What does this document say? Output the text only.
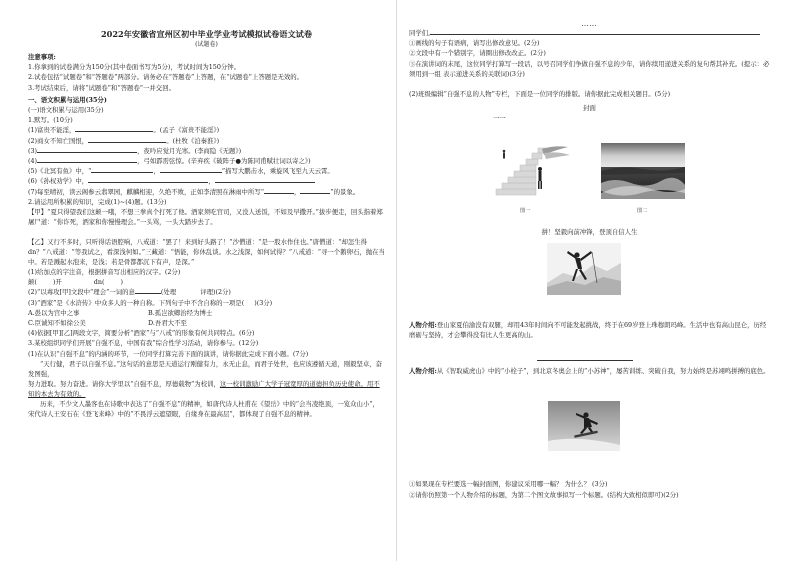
2022年安徽省宣州区初中毕业学业考试模拟试卷语文试卷
(试题卷)
注意事项:
1.你拿到的试卷满分为150分(其中卷面书写为5分)，考试时间为150分钟。
2.试卷包括“试题卷”和“答题卷”两部分。请务必在“答题卷”上答题，在“试题卷”上答题是无效的。
3.考试结束后，请将“试题卷”和“答题卷”一并交回。
一、语文积累与运用(35分)
(一)语文积累与运用(35分)
1.默写。(10分)
(1)富贵不能淫，	。(孟子《富贵不能淫》)
(2)商女不知亡国恨，	。(杜牧《泊秦淮》)
(3)	，夜吟应觉月光寒。(李商隐《无题》)
(4)	，弓如霹雳弦惊。(辛弃疾《破阵子●为陈同甫赋壮词以寄之》)
(5)《北冥有鱼》中，“	，	”描写大鹏击水，乘旋风飞至九天云霄。
(6)《孙权劝学》中，	，
(7)每至晴初，读云阁参云翡翠园，麒麟相迎，久绝不败，正如李清照在淋雨中所写“	，	”的景象。
2.请运用所积累的知识，完成(1)~(4)题。(13分)
【甲】“夏只得望我们这颠一哦，不想三拳真个打死了他。酒家须吃官司，又没人送饭，不如及早撒开。”拔步便走，回头指着郑屠尸道：“你诈死，洒家和你慢慢理会。”一头骂，一头大踏步去了。
【乙】又行不多时，只听得话语腔响，八戒道：“罢了！来到好头路了！”沙僧道：“是一股水作住也。”唐僧道：“却怎生得dn？”八戒道：“等我试之，看深浅何如。”三藏道：“悟能，你休乱谈。水之浅深，如何试得？”八戒道：“寻一个鹅卵石，抛在当中。若是溅起水泡来，是浅；若是骨都都沉下有声，是深。”
(1)给加点的字注音，根据拼音写出相应的汉字。(2分)
颠(	)开	dn(	)
(2)“以毒攻[甲]文段中“理会”一词的意	(处理	评理)(2分)
(3)“酒家”是《水浒传》中众多人的一种自称。下列句子中不含自称的一项是( )(3分)
A.愚以为宫中之事	B.孤岂欲卿治经为博士
C.臣诚知不如徐公美	D.吾君大不至
(4)依据[甲][乙]两段文字，简要分析“酒家”与“八戒”的形象有何共同特点。(6分)
3.某校组织同学们开展“自强不息，中国有我”综合性学习活动，请你参与。(12分)
(1)在认识“自强不息”的内涵的环节，一位同学打算完善下面的演讲，请你据此完成下面小题。(7分)
“天行健，君子以自强不息。”这句话的意思是天道运行刚健有力，永无止息，而君子处世，也应该遵循天道，刚毅坚卓，奋发图强，
努力进取。努力奋进。请你大学里以“自强不息，厚德载物”为校训，这一校训激励广大学子冠宽厚的道德担负历史使命。用不知的本去为有效的。
历来，不少文人墨客也在诗歌中表达了“自强不息”的精神，如唐代诗人杜甫在《望岳》中的“会当凌绝顶，一览众山小”，宋代诗人王安石在《登飞来峰》中的“不畏浮云遮望眼，自缘身在最高层”，都体现了自强不息的精神。
……
同学们,
①画线的句子有语病，请写出修改意见。(2分)
②文段中有一个错别字，请圈出修改改正。(2分)
③在演讲词的末尾，这位同学打算写一段话，以号召同学们争做自强不息的少年，请你续用递进关系的复句帮其补充。(提示：必须用到一组 表示递进关系的关联词)(3分)
(2)班级编辑“自强不息的人物”专栏，下面是一位同学的排版。请你据此完成相关题目。(5分)
封面
一一
图一	图二
拼！坚毅向前冲锋，登顶自信人生
人物介绍:登山家夏伯渝没有双腿，却用43年时间向不可能发起挑战，终于在69岁登上珠穆朗玛峰。生活中也有高山昆仑，历经磨砺与坚持，才会攀得没有比人生更高的山。
人物介绍:从《智取威虎山》中的“小栓子”，到北京冬奥会上的“小苏神”，屡苦训练、突破自我，努力始终是苏翊鸣拼搏的底色。
①如果现在专栏要选一幅封面图，你建议采用哪一幅？ 为什么？ (3分)
②请你仿照第一个人物介绍的标题，为第二个图文故事拟写一个标题。(结构大致相似即可)(2分)
